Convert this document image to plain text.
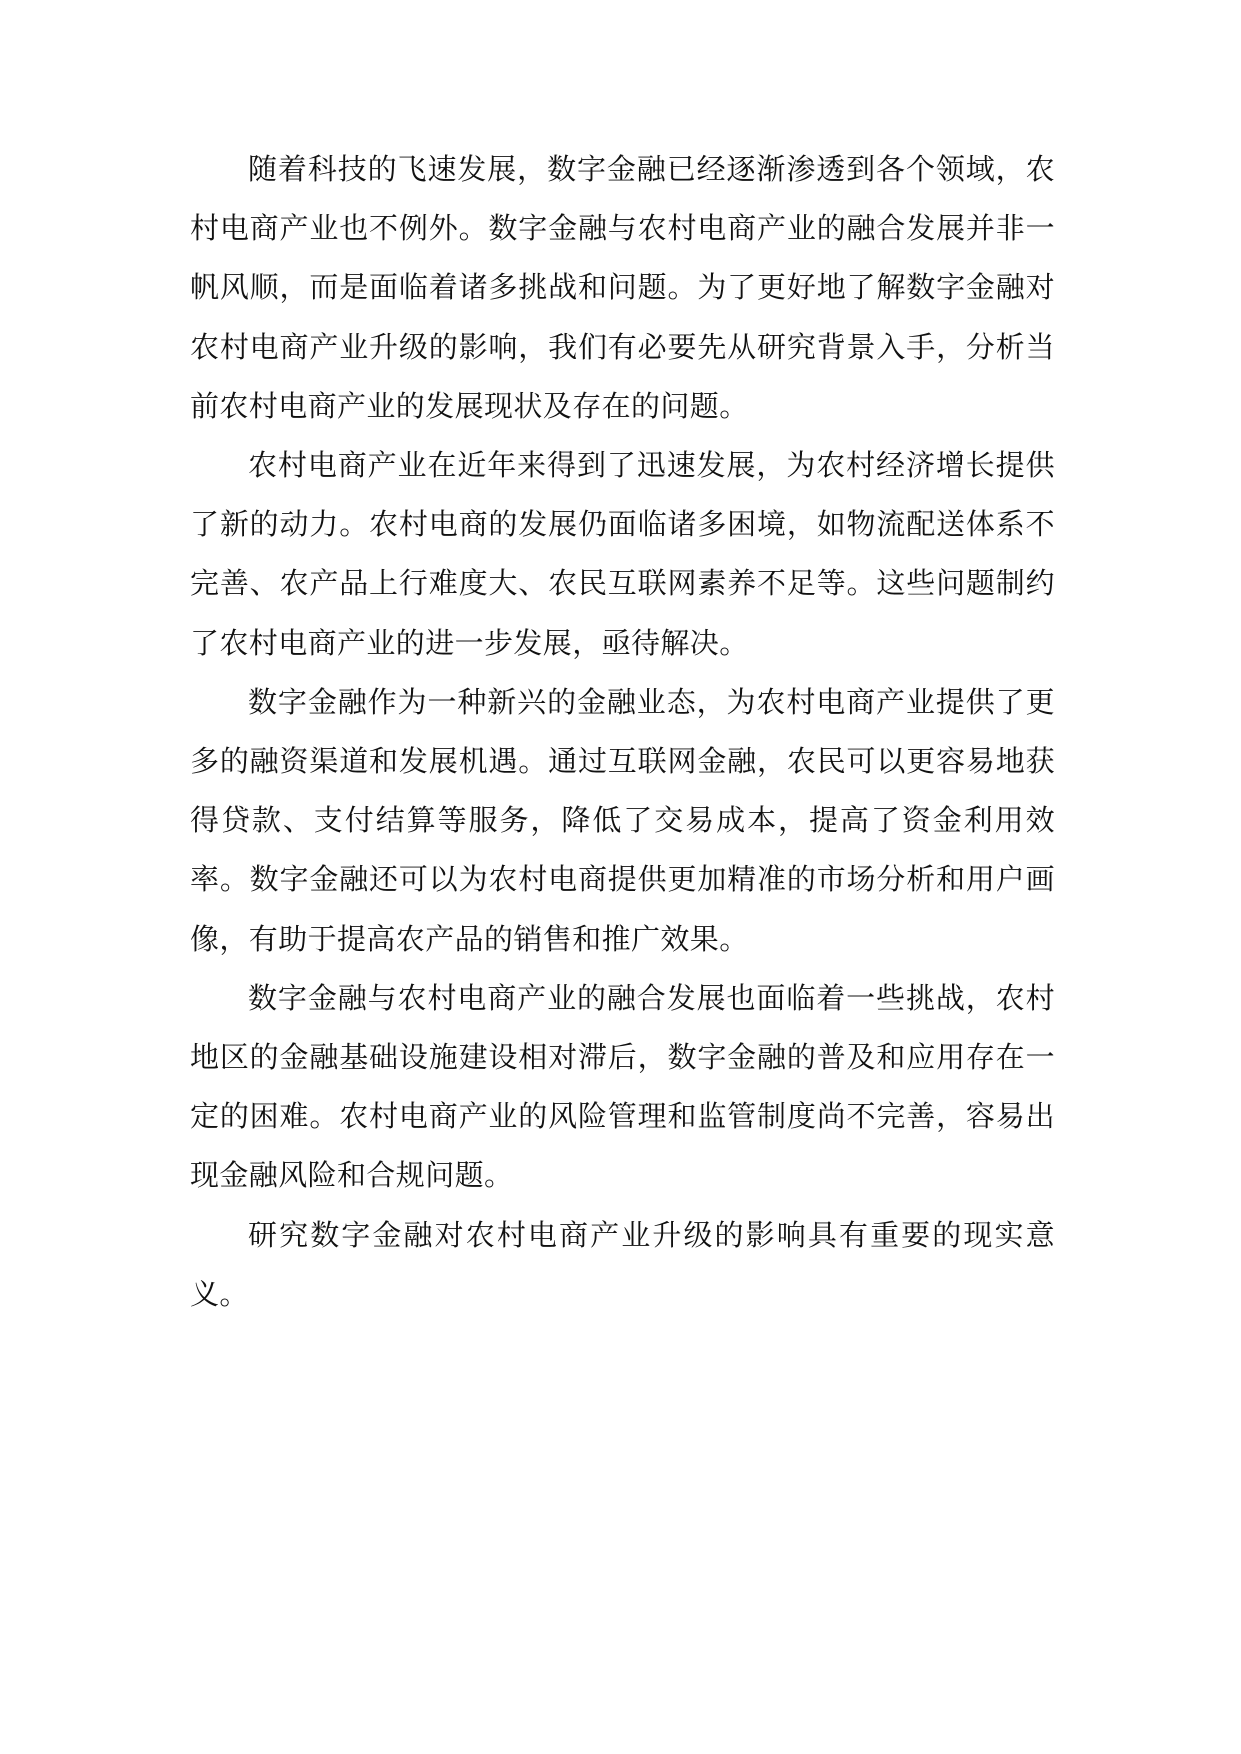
随着科技的飞速发展，数字金融已经逐渐渗透到各个领域，农村电商产业也不例外。数字金融与农村电商产业的融合发展并非一帆风顺，而是面临着诸多挑战和问题。为了更好地了解数字金融对农村电商产业升级的影响，我们有必要先从研究背景入手，分析当前农村电商产业的发展现状及存在的问题。

农村电商产业在近年来得到了迅速发展，为农村经济增长提供了新的动力。农村电商的发展仍面临诸多困境，如物流配送体系不完善、农产品上行难度大、农民互联网素养不足等。这些问题制约了农村电商产业的进一步发展，亟待解决。

数字金融作为一种新兴的金融业态，为农村电商产业提供了更多的融资渠道和发展机遇。通过互联网金融，农民可以更容易地获得贷款、支付结算等服务，降低了交易成本，提高了资金利用效率。数字金融还可以为农村电商提供更加精准的市场分析和用户画像，有助于提高农产品的销售和推广效果。

数字金融与农村电商产业的融合发展也面临着一些挑战，农村地区的金融基础设施建设相对滞后，数字金融的普及和应用存在一定的困难。农村电商产业的风险管理和监管制度尚不完善，容易出现金融风险和合规问题。

研究数字金融对农村电商产业升级的影响具有重要的现实意义。
